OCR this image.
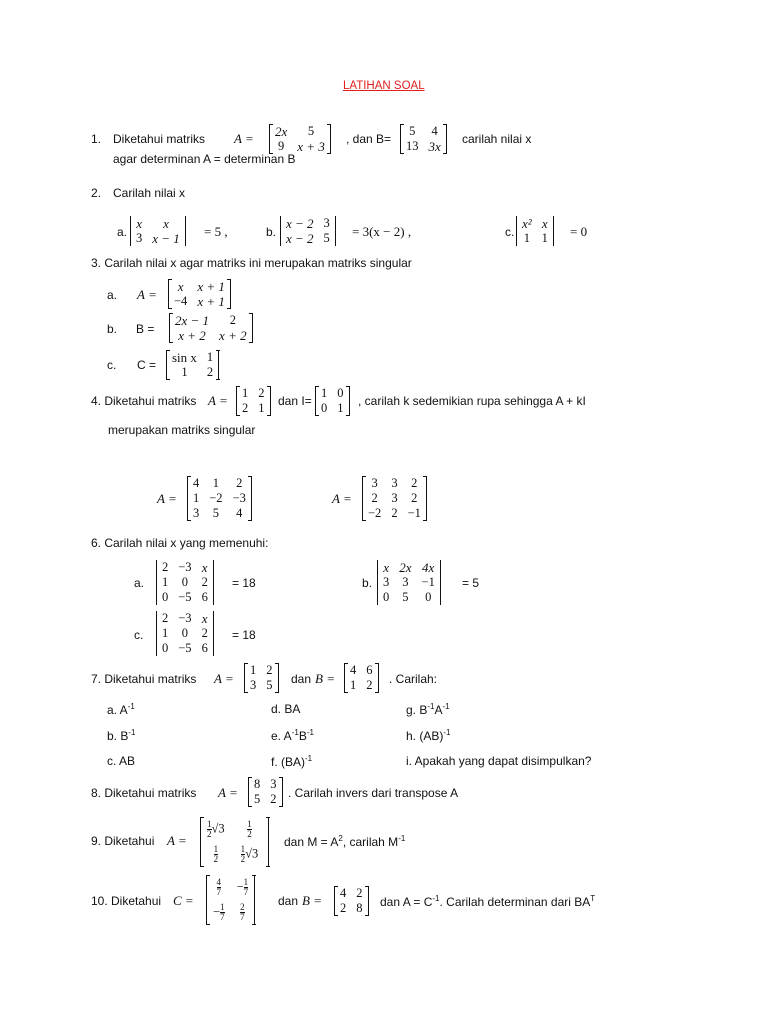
LATIHAN SOAL
1. Diketahui matriks A = 2x	5
9	x + 3 , dan B=
5	4
13	3x carilah nilai x
agar determinan A = determinan B
2. Carilah nilai x
a.
x	x
3	x − 1 = 5 ,	b.
x − 2	3
x − 2	5 = 3(x − 2) ,	c.
x²	x
1	1 = 0
3. Carilah nilai x agar matriks ini merupakan matriks singular
a. A =
x	x + 1
−4	x + 1

b. B =
2x − 1	2
x + 2	x + 2

c. C = sin x	1
1	2

4. Diketahui matriks A = 1	2
2	1 dan I=
1	0
0	1 , carilah k sedemikian rupa sehingga A + kI
merupakan matriks singular
A =
4	1	2
1	−2	−3
3	5	4

A =
3	3	2
2	3	2
−2	2	−1

6. Carilah nilai x yang memenuhi:
a.
2	−3	x
1	0	2
0	−5	6
= 18	b.
x	2x	4x
3	3	−1
0	5	0
= 5
c.
2	−3	x
1	0	2
0	−5	6
= 18
7. Diketahui matriks A =
1	2
3	5 dan B =
4	6
1	2 . Carilah:
a. $A^{-1}$
b. $B^{-1}$
c. AB
d. BA
e. $A^{-1}B^{-1}$
f. (BA)$^{-1}$
g. $B^{-1}A^{-1}$
h. (AB)$^{-1}$
i. Apakah yang dapat disimpulkan?
8. Diketahui matriks A =
8	3
5	2 . Carilah invers dari transpose A
9. Diketahui A =
$\frac{1}{2} √3$	$\frac{1}{2}$

$\frac{1}{2}$	$\frac{1}{2} √3$

dan $M = A^2$, carilah $M^{-1}$
10. Diketahui C =
$\frac{4}{7}$	− $\frac{1}{7}$

− $\frac{1}{7}$	$\frac{2}{7}$

dan B = 4	2
2	8 dan $A = C^{-1}$. Carilah determinan dari $BA^T$
